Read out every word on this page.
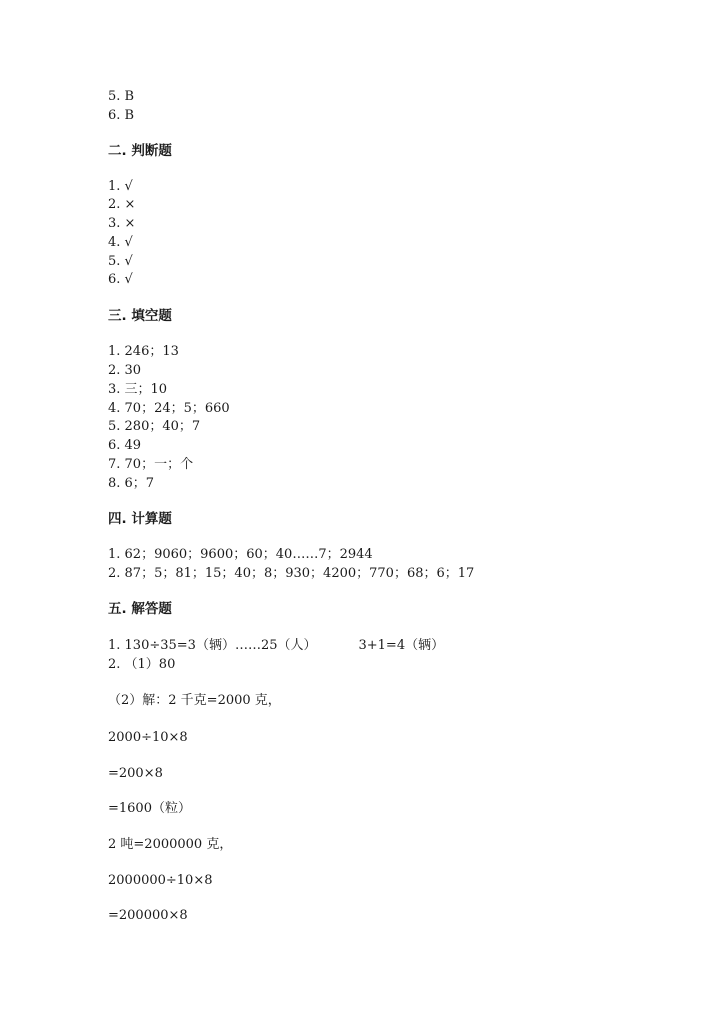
5. B
6. B
二. 判断题
1. √
2. ×
3. ×
4. √
5. √
6. √
三. 填空题
1. 246；13
2. 30
3. 三；10
4. 70；24；5；660
5. 280；40；7
6. 49
7. 70；一；个
8. 6；7
四. 计算题
1. 62；9060；9600；60；40……7；2944
2. 87；5；81；15；40；8；930；4200；770；68；6；17
五. 解答题
1. 130÷35=3（辆）……25（人）	3+1=4（辆）
2. （1）80
（2）解：2 千克=2000 克，
2000÷10×8
=200×8
=1600（粒）
2 吨=2000000 克，
2000000÷10×8
=200000×8
